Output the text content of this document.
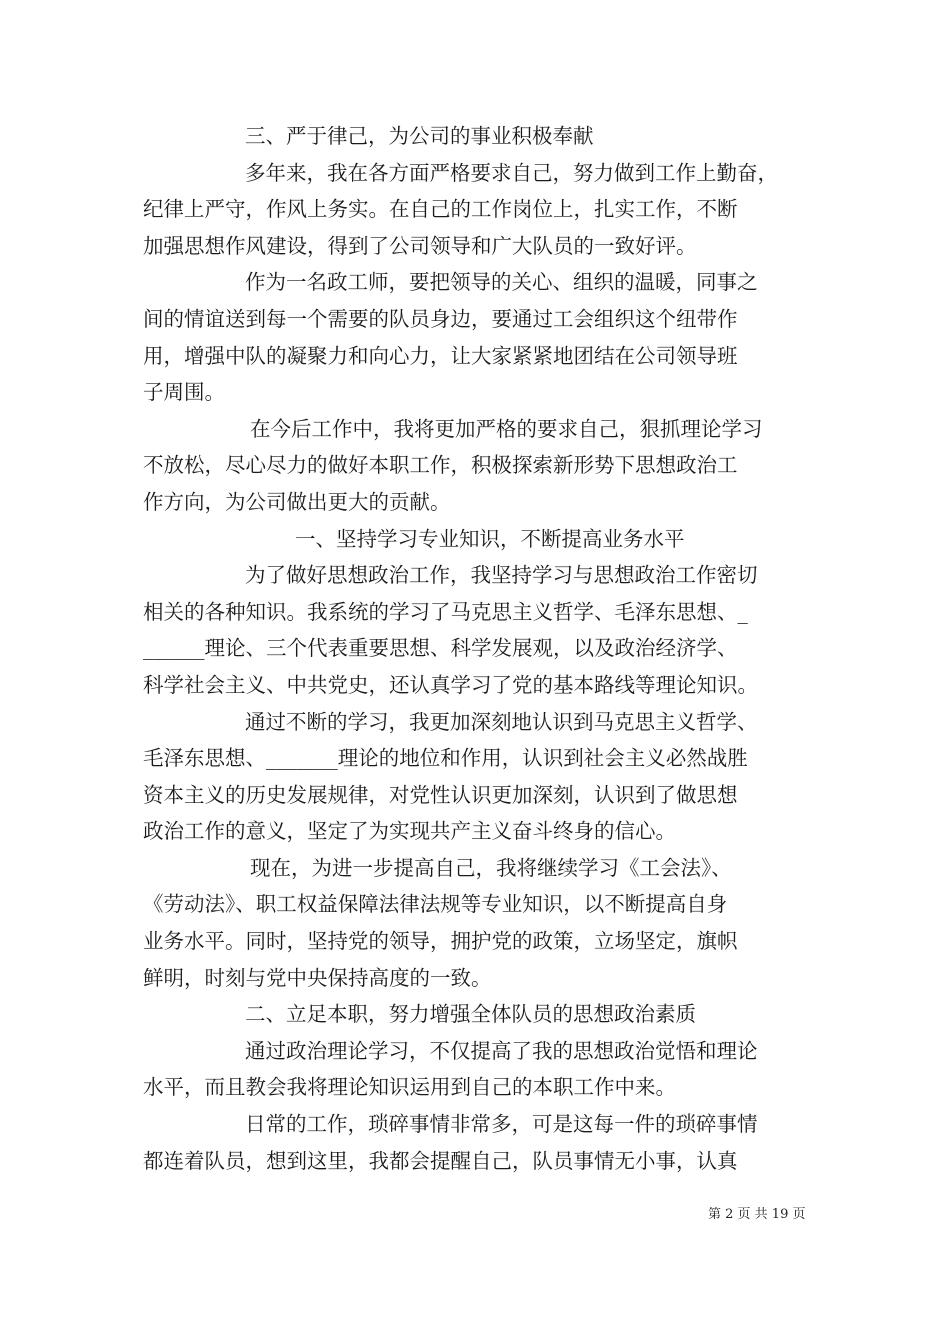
三、严于律己，为公司的事业积极奉献
多年来，我在各方面严格要求自己，努力做到工作上勤奋，
纪律上严守，作风上务实。在自己的工作岗位上，扎实工作，不断
加强思想作风建设，得到了公司领导和广大队员的一致好评。
作为一名政工师，要把领导的关心、组织的温暖，同事之
间的情谊送到每一个需要的队员身边，要通过工会组织这个纽带作
用，增强中队的凝聚力和向心力，让大家紧紧地团结在公司领导班
子周围。
在今后工作中，我将更加严格的要求自己，狠抓理论学习
不放松，尽心尽力的做好本职工作，积极探索新形势下思想政治工
作方向，为公司做出更大的贡献。
一、坚持学习专业知识，不断提高业务水平
为了做好思想政治工作，我坚持学习与思想政治工作密切
相关的各种知识。我系统的学习了马克思主义哲学、毛泽东思想、_
______理论、三个代表重要思想、科学发展观，以及政治经济学、
科学社会主义、中共党史，还认真学习了党的基本路线等理论知识。
通过不断的学习，我更加深刻地认识到马克思主义哲学、
毛泽东思想、_______理论的地位和作用，认识到社会主义必然战胜
资本主义的历史发展规律，对党性认识更加深刻，认识到了做思想
政治工作的意义，坚定了为实现共产主义奋斗终身的信心。
现在，为进一步提高自己，我将继续学习《工会法》、
《劳动法》、职工权益保障法律法规等专业知识，以不断提高自身
业务水平。同时，坚持党的领导，拥护党的政策，立场坚定，旗帜
鲜明，时刻与党中央保持高度的一致。
二、立足本职，努力增强全体队员的思想政治素质
通过政治理论学习，不仅提高了我的思想政治觉悟和理论
水平，而且教会我将理论知识运用到自己的本职工作中来。
日常的工作，琐碎事情非常多，可是这每一件的琐碎事情
都连着队员，想到这里，我都会提醒自己，队员事情无小事，认真
第 2 页 共 19 页
